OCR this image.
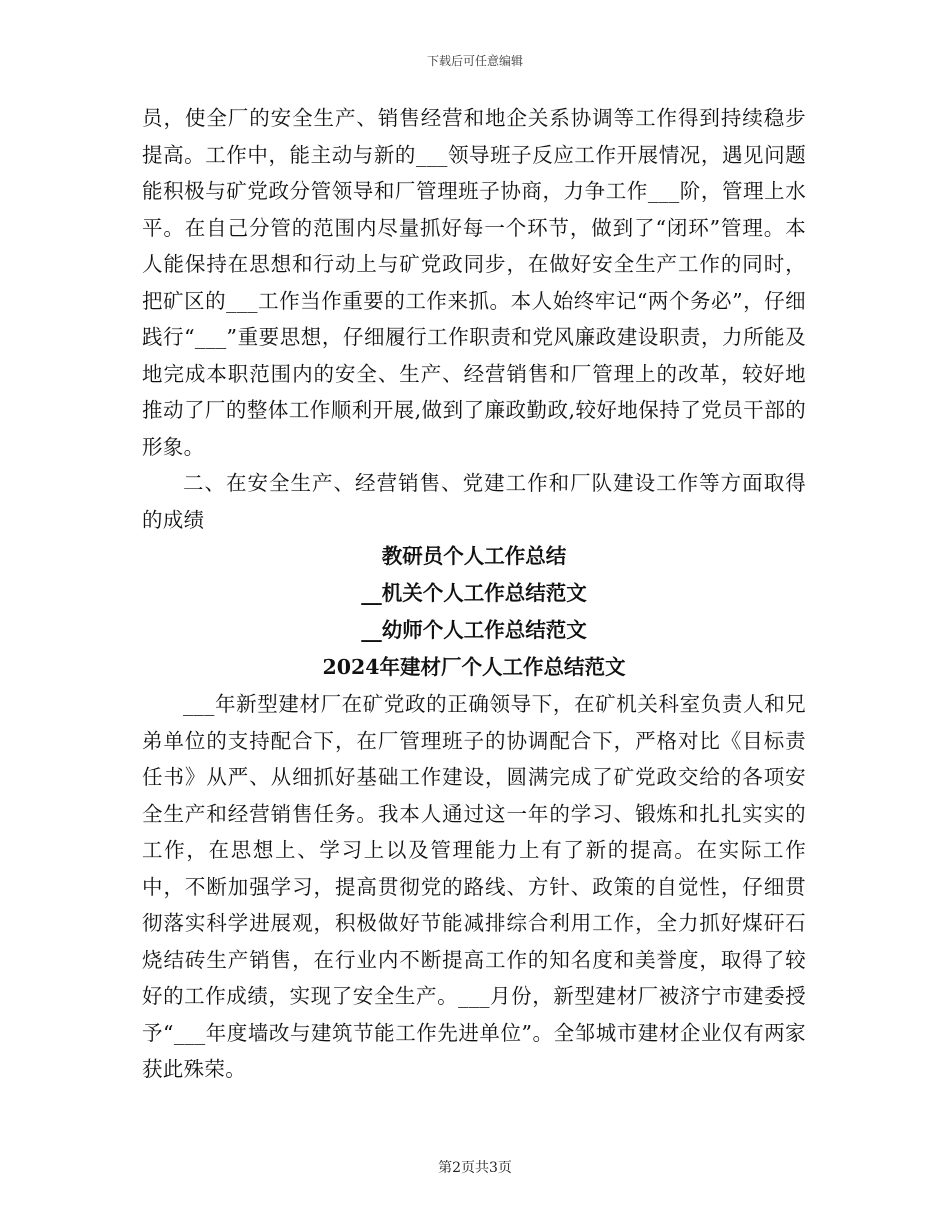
下载后可任意编辑

员，使全厂的安全生产、销售经营和地企关系协调等工作得到持续稳步提高。工作中，能主动与新的___领导班子反应工作开展情况，遇见问题能积极与矿党政分管领导和厂管理班子协商，力争工作___阶，管理上水平。在自己分管的范围内尽量抓好每一个环节，做到了“闭环”管理。本人能保持在思想和行动上与矿党政同步，在做好安全生产工作的同时，把矿区的___工作当作重要的工作来抓。本人始终牢记“两个务必”，仔细践行“___”重要思想，仔细履行工作职责和党风廉政建设职责，力所能及地完成本职范围内的安全、生产、经营销售和厂管理上的改革，较好地推动了厂的整体工作顺利开展,做到了廉政勤政,较好地保持了党员干部的形象。

二、在安全生产、经营销售、党建工作和厂队建设工作等方面取得的成绩

教研员个人工作总结

__机关个人工作总结范文

__幼师个人工作总结范文

2024年建材厂个人工作总结范文

___年新型建材厂在矿党政的正确领导下，在矿机关科室负责人和兄弟单位的支持配合下，在厂管理班子的协调配合下，严格对比《目标责任书》从严、从细抓好基础工作建设，圆满完成了矿党政交给的各项安全生产和经营销售任务。我本人通过这一年的学习、锻炼和扎扎实实的工作，在思想上、学习上以及管理能力上有了新的提高。在实际工作中，不断加强学习，提高贯彻党的路线、方针、政策的自觉性，仔细贯彻落实科学进展观，积极做好节能减排综合利用工作，全力抓好煤矸石烧结砖生产销售，在行业内不断提高工作的知名度和美誉度，取得了较好的工作成绩，实现了安全生产。___月份，新型建材厂被济宁市建委授予“___年度墙改与建筑节能工作先进单位”。全邹城市建材企业仅有两家获此殊荣。

第2页共3页
